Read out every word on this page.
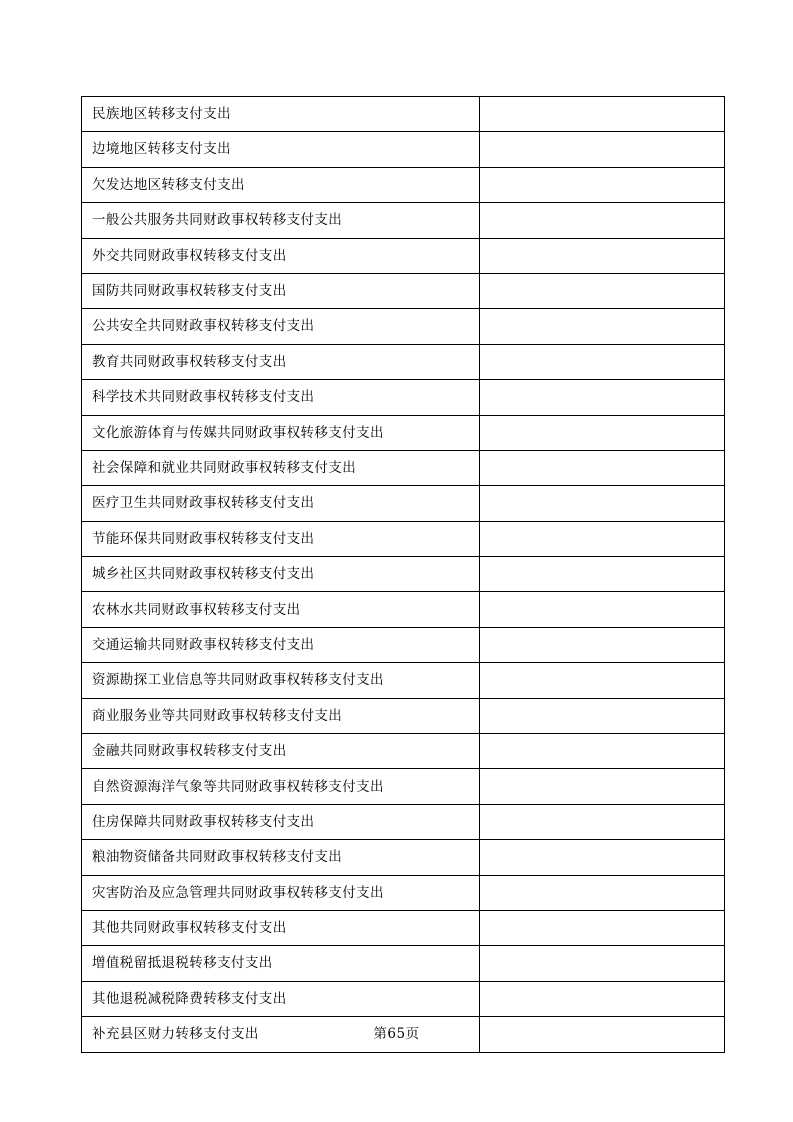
民族地区转移支付支出	
边境地区转移支付支出	
欠发达地区转移支付支出	
一般公共服务共同财政事权转移支付支出	
外交共同财政事权转移支付支出	
国防共同财政事权转移支付支出	
公共安全共同财政事权转移支付支出	
教育共同财政事权转移支付支出	
科学技术共同财政事权转移支付支出	
文化旅游体育与传媒共同财政事权转移支付支出	
社会保障和就业共同财政事权转移支付支出	
医疗卫生共同财政事权转移支付支出	
节能环保共同财政事权转移支付支出	
城乡社区共同财政事权转移支付支出	
农林水共同财政事权转移支付支出	
交通运输共同财政事权转移支付支出	
资源勘探工业信息等共同财政事权转移支付支出	
商业服务业等共同财政事权转移支付支出	
金融共同财政事权转移支付支出	
自然资源海洋气象等共同财政事权转移支付支出	
住房保障共同财政事权转移支付支出	
粮油物资储备共同财政事权转移支付支出	
灾害防治及应急管理共同财政事权转移支付支出	
其他共同财政事权转移支付支出	
增值税留抵退税转移支付支出	
其他退税减税降费转移支付支出	
补充县区财力转移支付支出		第65页
